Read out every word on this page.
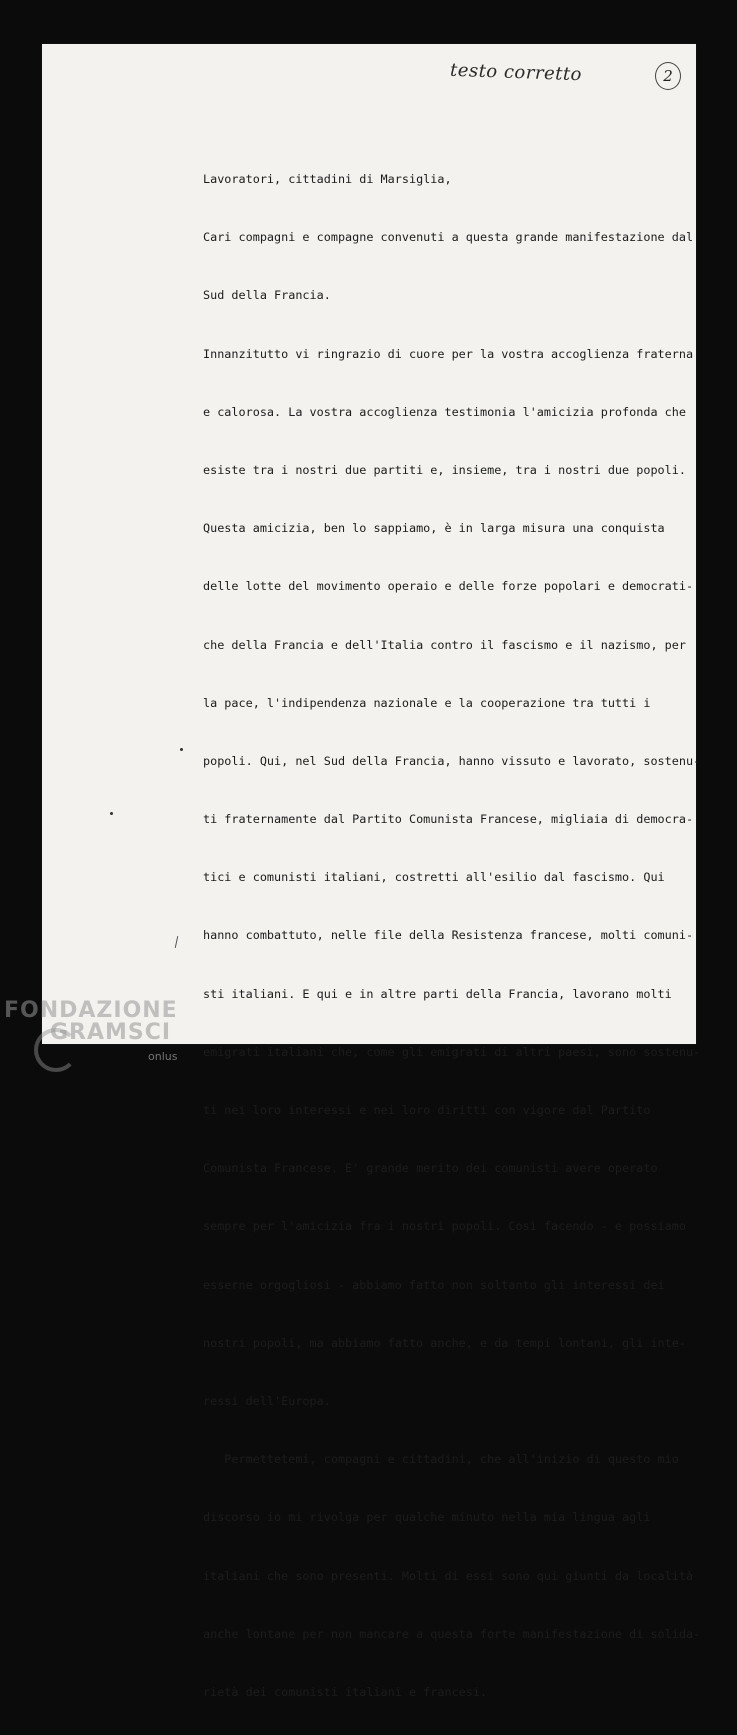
testo corretto	2

Lavoratori, cittadini di Marsiglia,

Cari compagni e compagne convenuti a questa grande manifestazione dal

Sud della Francia.

Innanzitutto vi ringrazio di cuore per la vostra accoglienza fraterna

e calorosa. La vostra accoglienza testimonia l'amicizia profonda che

esiste tra i nostri due partiti e, insieme, tra i nostri due popoli.

Questa amicizia, ben lo sappiamo, è in larga misura una conquista

delle lotte del movimento operaio e delle forze popolari e democrati-

che della Francia e dell'Italia contro il fascismo e il nazismo, per

la pace, l'indipendenza nazionale e la cooperazione tra tutti i

popoli. Qui, nel Sud della Francia, hanno vissuto e lavorato, sostenu-

ti fraternamente dal Partito Comunista Francese, migliaia di democra-

tici e comunisti italiani, costretti all'esilio dal fascismo. Qui

hanno combattuto, nelle file della Resistenza francese, molti comuni-

sti italiani. E qui e in altre parti della Francia, lavorano molti

emigrati italiani che, come gli emigrati di altri paesi, sono sostenu-

ti nei loro interessi e nei loro diritti con vigore dal Partito

Comunista Francese. E' grande merito dei comunisti avere operato

sempre per l'amicizia fra i nostri popoli. Così facendo - e possiamo

esserne orgogliosi - abbiamo fatto non soltanto gli interessi dei

nostri popoli, ma abbiamo fatto anche, e da tempi lontani, gli inte-

ressi dell'Europa.

Permettetemi, compagni e cittadini, che all'inizio di questo mio

discorso io mi rivolga per qualche minuto nella mia lingua agli

italiani che sono presenti. Molti di essi sono qui giunti da località

anche lontane per non mancare a questa forte manifestazione di solida-

rietà dei comunisti italiani e francesi.

FONDAZIONE
GRAMSCI
onlus
